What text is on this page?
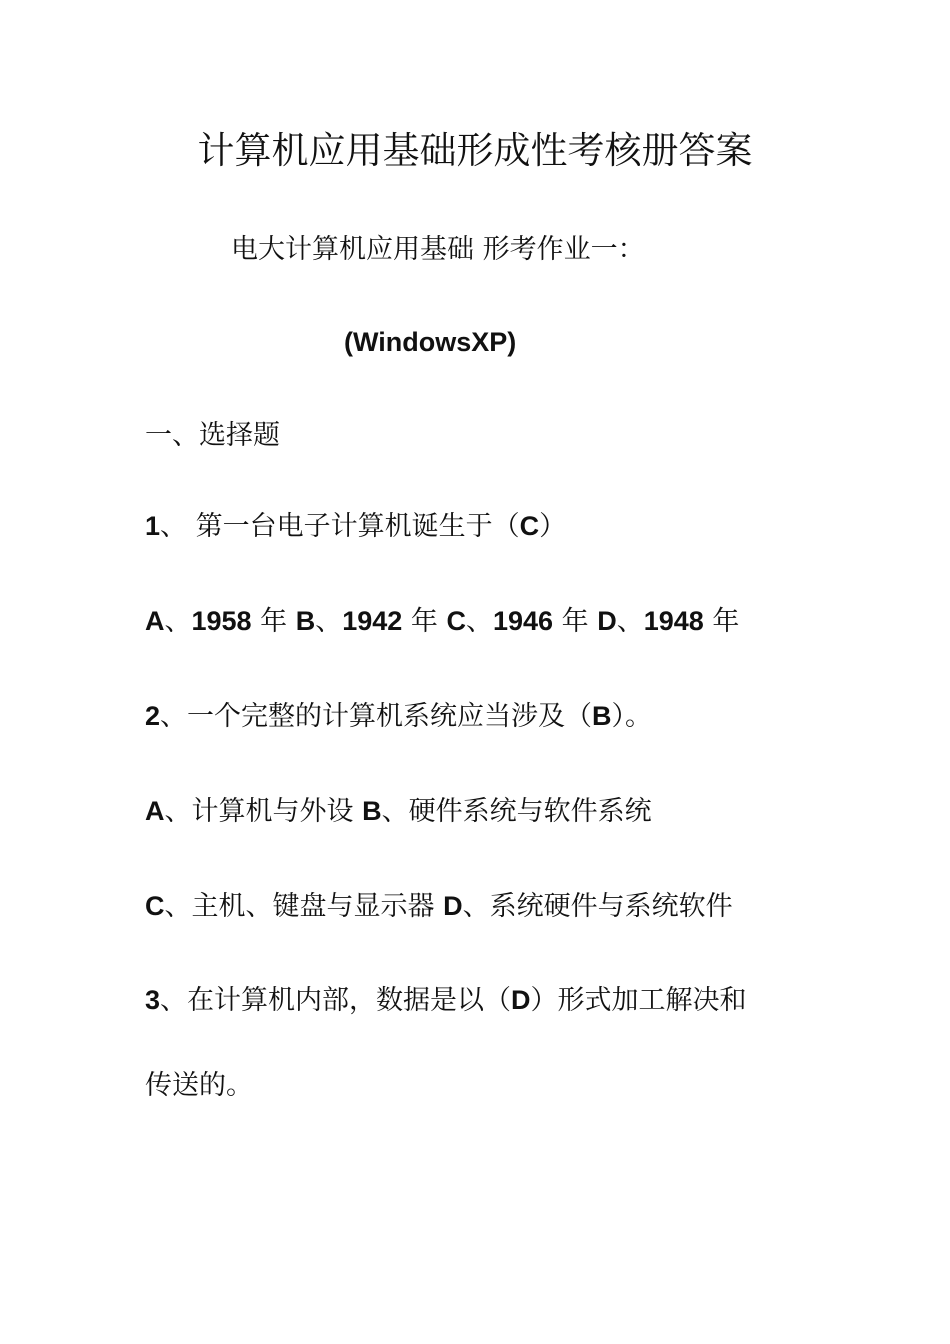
计算机应用基础形成性考核册答案
电大计算机应用基础 形考作业一：
(WindowsXP)
一、选择题
1、 第一台电子计算机诞生于（C）
A、1958 年 B、1942 年 C、1946 年 D、1948 年
2、一个完整的计算机系统应当涉及（B）。
A、计算机与外设 B、硬件系统与软件系统
C、主机、键盘与显示器 D、系统硬件与系统软件
3、在计算机内部，数据是以（D）形式加工解决和
传送的。
